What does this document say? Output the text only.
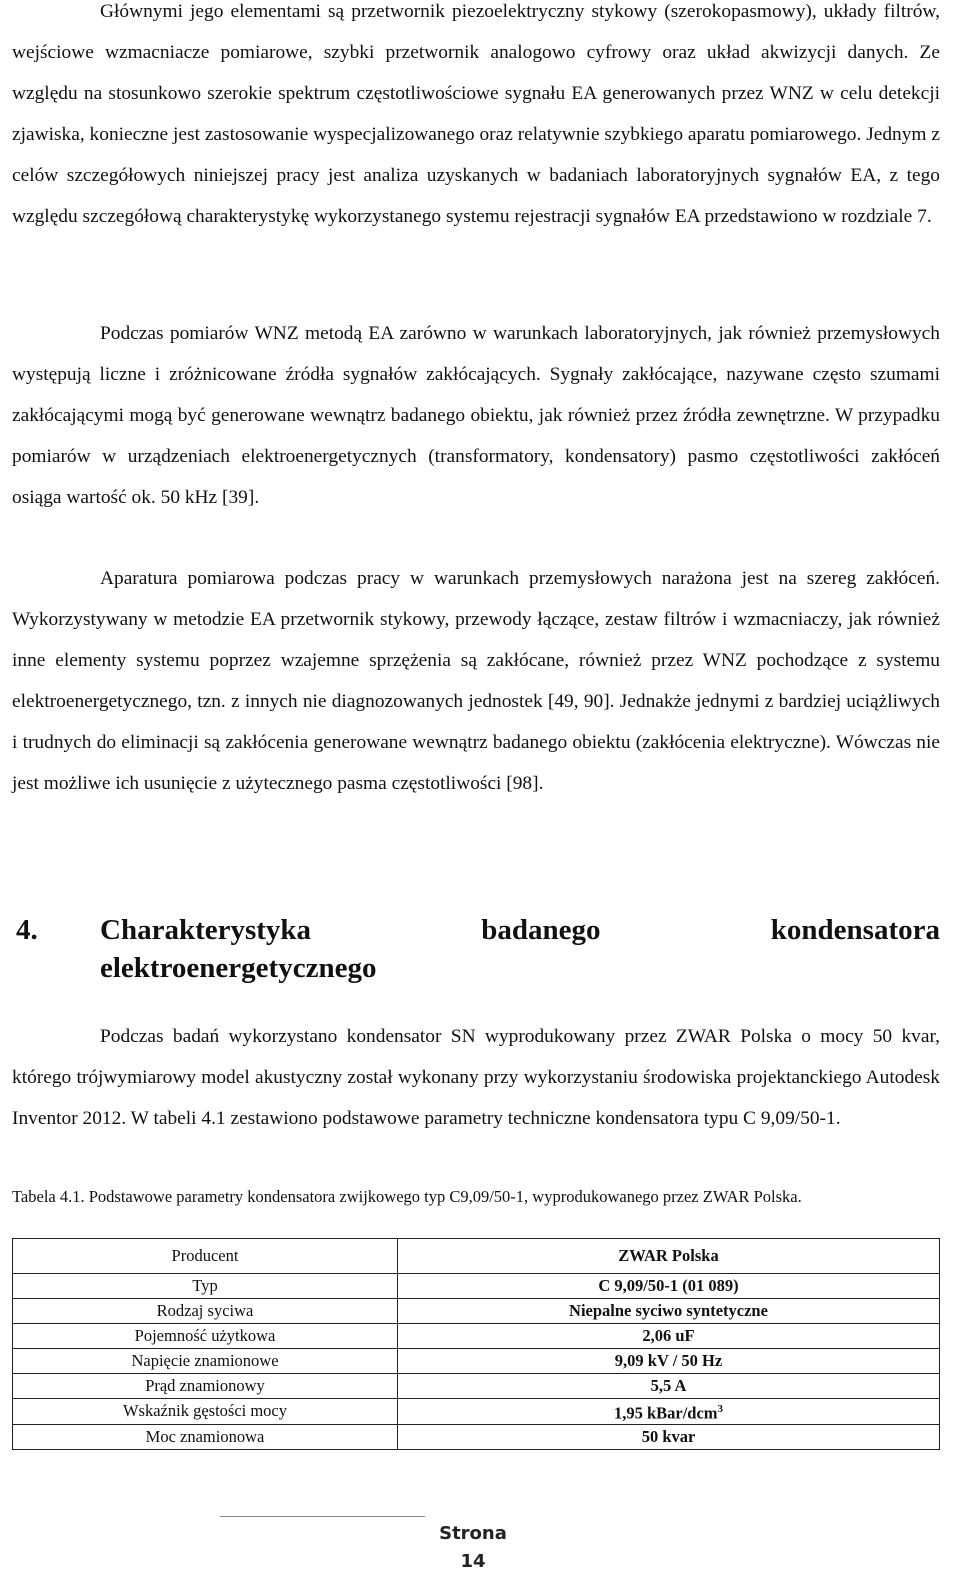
Głównymi jego elementami są przetwornik piezoelektryczny stykowy (szerokopasmowy), układy filtrów, wejściowe wzmacniacze pomiarowe, szybki przetwornik analogowo cyfrowy oraz układ akwizycji danych. Ze względu na stosunkowo szerokie spektrum częstotliwościowe sygnału EA generowanych przez WNZ w celu detekcji zjawiska, konieczne jest zastosowanie wyspecjalizowanego oraz relatywnie szybkiego aparatu pomiarowego. Jednym z celów szczegółowych niniejszej pracy jest analiza uzyskanych w badaniach laboratoryjnych sygnałów EA, z tego względu szczegółową charakterystykę wykorzystanego systemu rejestracji sygnałów EA przedstawiono w rozdziale 7.

Podczas pomiarów WNZ metodą EA zarówno w warunkach laboratoryjnych, jak również przemysłowych występują liczne i zróżnicowane źródła sygnałów zakłócających. Sygnały zakłócające, nazywane często szumami zakłócającymi mogą być generowane wewnątrz badanego obiektu, jak również przez źródła zewnętrzne. W przypadku pomiarów w urządzeniach elektroenergetycznych (transformatory, kondensatory) pasmo częstotliwości zakłóceń osiąga wartość ok. 50 kHz [39].

Aparatura pomiarowa podczas pracy w warunkach przemysłowych narażona jest na szereg zakłóceń. Wykorzystywany w metodzie EA przetwornik stykowy, przewody łączące, zestaw filtrów i wzmacniaczy, jak również inne elementy systemu poprzez wzajemne sprzężenia są zakłócane, również przez WNZ pochodzące z systemu elektroenergetycznego, tzn. z innych nie diagnozowanych jednostek [49, 90]. Jednakże jednymi z bardziej uciążliwych i trudnych do eliminacji są zakłócenia generowane wewnątrz badanego obiektu (zakłócenia elektryczne). Wówczas nie jest możliwe ich usunięcie z użytecznego pasma częstotliwości [98].

4. Charakterystyka	badanego	kondensatora
elektroenergetycznego

Podczas badań wykorzystano kondensator SN wyprodukowany przez ZWAR Polska o mocy 50 kvar, którego trójwymiarowy model akustyczny został wykonany przy wykorzystaniu środowiska projektanckiego Autodesk Inventor 2012. W tabeli 4.1 zestawiono podstawowe parametry techniczne kondensatora typu C 9,09/50-1.

Tabela 4.1. Podstawowe parametry kondensatora zwijkowego typ C9,09/50-1, wyprodukowanego przez ZWAR Polska.

Producent	ZWAR Polska
Typ	C 9,09/50-1 (01 089)
Rodzaj syciwa	Niepalne syciwo syntetyczne
Pojemność użytkowa	2,06 uF
Napięcie znamionowe	9,09 kV / 50 Hz
Prąd znamionowy	5,5 A
Wskaźnik gęstości mocy	1,95 kBar/dcm$^3$
Moc znamionowa	50 kvar
Strona
14
